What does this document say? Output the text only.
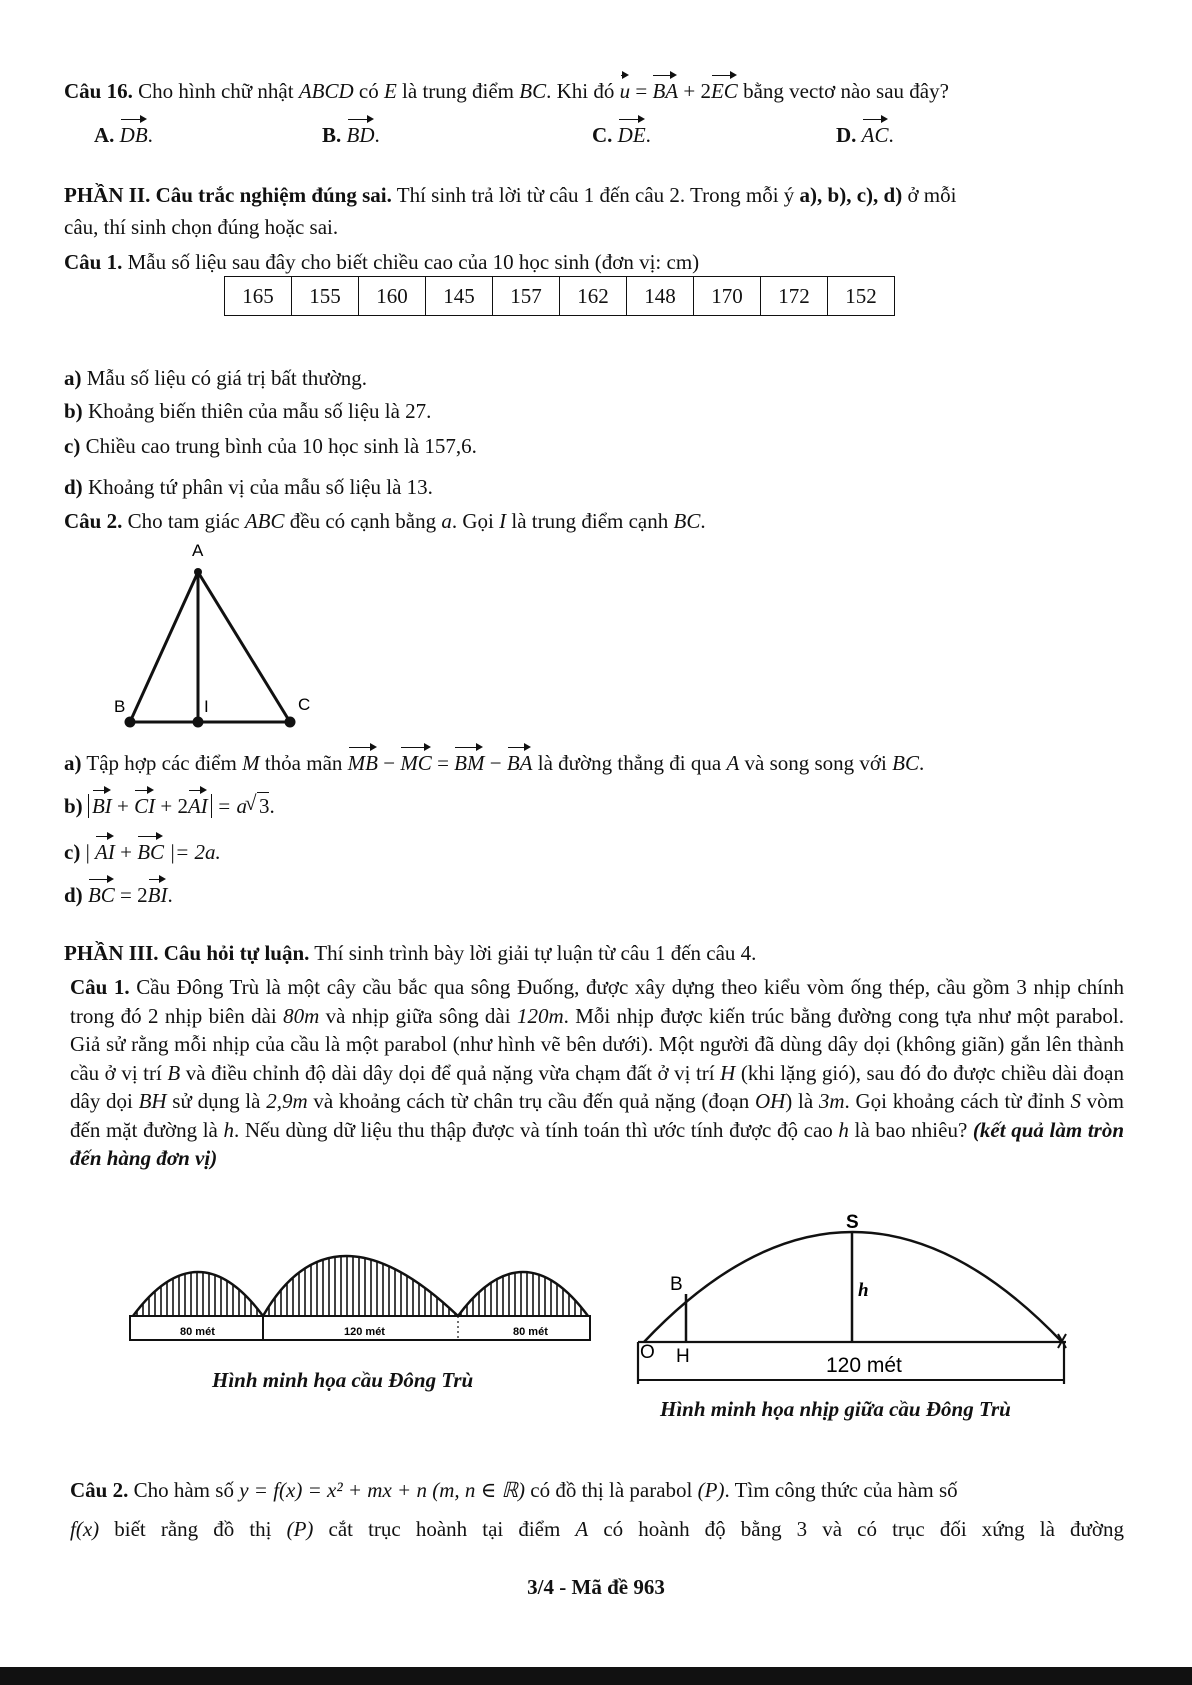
Câu 16. Cho hình chữ nhật ABCD có E là trung điểm BC. Khi đó u = BA + 2EC bằng vectơ nào sau đây?
A. DB.	B. BD.	C. DE.	D. AC.
PHẦN II. Câu trắc nghiệm đúng sai. Thí sinh trả lời từ câu 1 đến câu 2. Trong mỗi ý a), b), c), d) ở mỗi
câu, thí sinh chọn đúng hoặc sai.
Câu 1. Mẫu số liệu sau đây cho biết chiều cao của 10 học sinh (đơn vị: cm)
165	155	160	145	157	162	148	170	172	152
a) Mẫu số liệu có giá trị bất thường.
b) Khoảng biến thiên của mẫu số liệu là 27.
c) Chiều cao trung bình của 10 học sinh là 157,6.
d) Khoảng tứ phân vị của mẫu số liệu là 13.
Câu 2. Cho tam giác ABC đều có cạnh bằng a. Gọi I là trung điểm cạnh BC.
A
B	I	C
a) Tập hợp các điểm M thỏa mãn MB − MC = BM − BA là đường thẳng đi qua A và song song với BC.
b) BI + CI + 2AI = a√ 3.
c) | AI + BC |= 2a.
d) BC = 2BI.
PHẦN III. Câu hỏi tự luận. Thí sinh trình bày lời giải tự luận từ câu 1 đến câu 4.
Câu 1. Cầu Đông Trù là một cây cầu bắc qua sông Đuống, được xây dựng theo kiểu vòm ống thép, cầu gồm 3 nhịp chính trong đó 2 nhịp biên dài 80m và nhịp giữa sông dài 120m. Mỗi nhịp được kiến trúc bằng đường cong tựa như một parabol. Giả sử rằng mỗi nhịp của cầu là một parabol (như hình vẽ bên dưới). Một người đã dùng dây dọi (không giãn) gắn lên thành cầu ở vị trí B và điều chỉnh độ dài dây dọi để quả nặng vừa chạm đất ở vị trí H (khi lặng gió), sau đó đo được chiều dài đoạn dây dọi BH sử dụng là 2,9m và khoảng cách từ chân trụ cầu đến quả nặng (đoạn OH) là 3m. Gọi khoảng cách từ đỉnh S vòm đến mặt đường là h. Nếu dùng dữ liệu thu thập được và tính toán thì ước tính được độ cao h là bao nhiêu? (kết quả làm tròn đến hàng đơn vị)
80 mét	120 mét	80 mét
Hình minh họa cầu Đông Trù
S
B	h
O H	120 mét
Hình minh họa nhịp giữa cầu Đông Trù
Câu 2. Cho hàm số y = f(x) = x² + mx + n (m, n ∈ ℝ) có đồ thị là parabol (P). Tìm công thức của hàm số
f(x) biết rằng đồ thị (P) cắt trục hoành tại điểm A có hoành độ bằng 3 và có trục đối xứng là đường
3/4 - Mã đề 963
